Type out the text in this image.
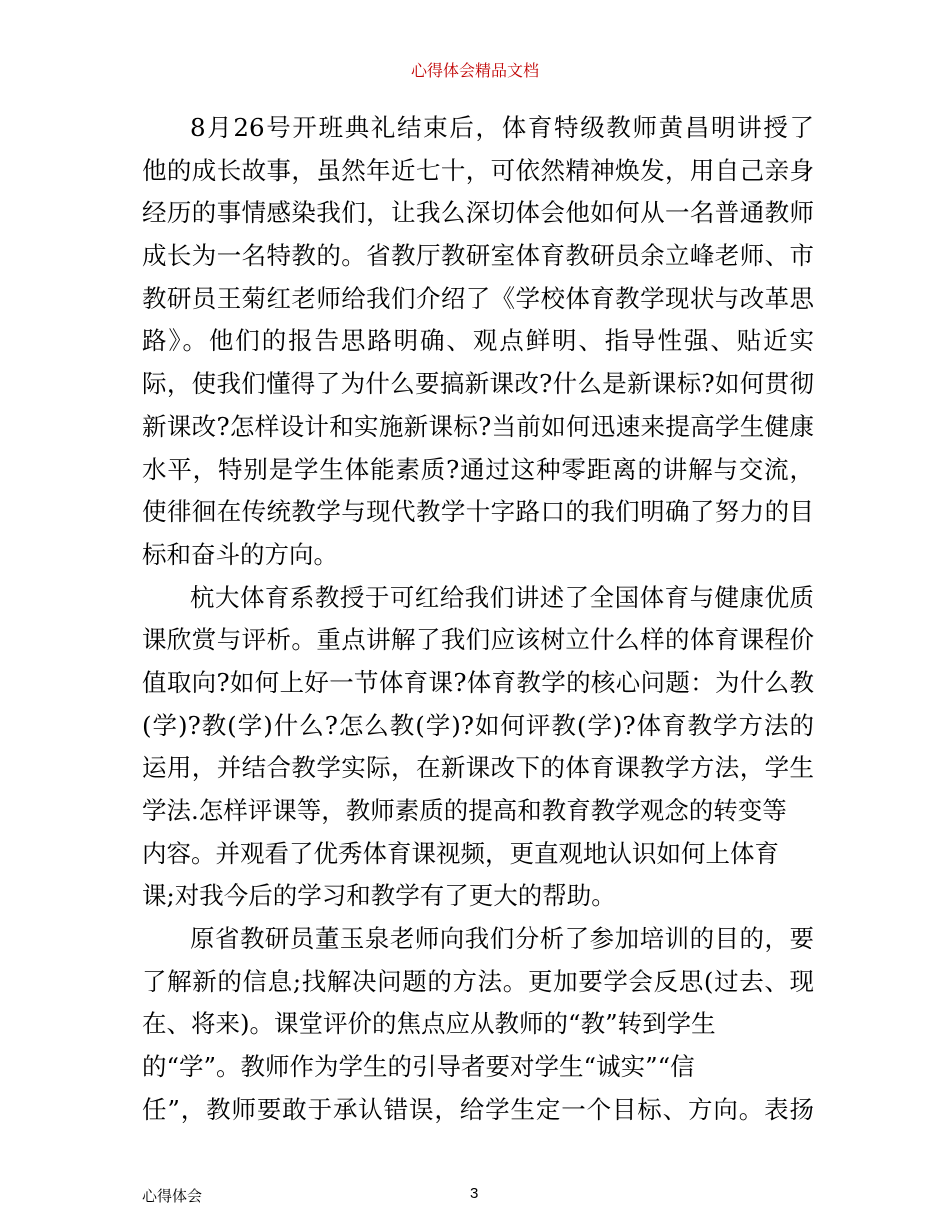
心得体会精品文档
8月26号开班典礼结束后，体育特级教师黄昌明讲授了
他的成长故事，虽然年近七十，可依然精神焕发，用自己亲身
经历的事情感染我们，让我么深切体会他如何从一名普通教师
成长为一名特教的。省教厅教研室体育教研员余立峰老师、市
教研员王菊红老师给我们介绍了《学校体育教学现状与改革思
路》。他们的报告思路明确、观点鲜明、指导性强、贴近实
际，使我们懂得了为什么要搞新课改?什么是新课标?如何贯彻
新课改?怎样设计和实施新课标?当前如何迅速来提高学生健康
水平，特别是学生体能素质?通过这种零距离的讲解与交流，
使徘徊在传统教学与现代教学十字路口的我们明确了努力的目
标和奋斗的方向。
杭大体育系教授于可红给我们讲述了全国体育与健康优质
课欣赏与评析。重点讲解了我们应该树立什么样的体育课程价
值取向?如何上好一节体育课?体育教学的核心问题：为什么教
(学)?教(学)什么?怎么教(学)?如何评教(学)?体育教学方法的
运用，并结合教学实际，在新课改下的体育课教学方法，学生
学法.怎样评课等，教师素质的提高和教育教学观念的转变等
内容。并观看了优秀体育课视频，更直观地认识如何上体育
课;对我今后的学习和教学有了更大的帮助。
原省教研员董玉泉老师向我们分析了参加培训的目的，要
了解新的信息;找解决问题的方法。更加要学会反思(过去、现
在、将来)。课堂评价的焦点应从教师的“教”转到学生
的“学”。教师作为学生的引导者要对学生“诚实”“信
任”，教师要敢于承认错误，给学生定一个目标、方向。表扬
心得体会	3
